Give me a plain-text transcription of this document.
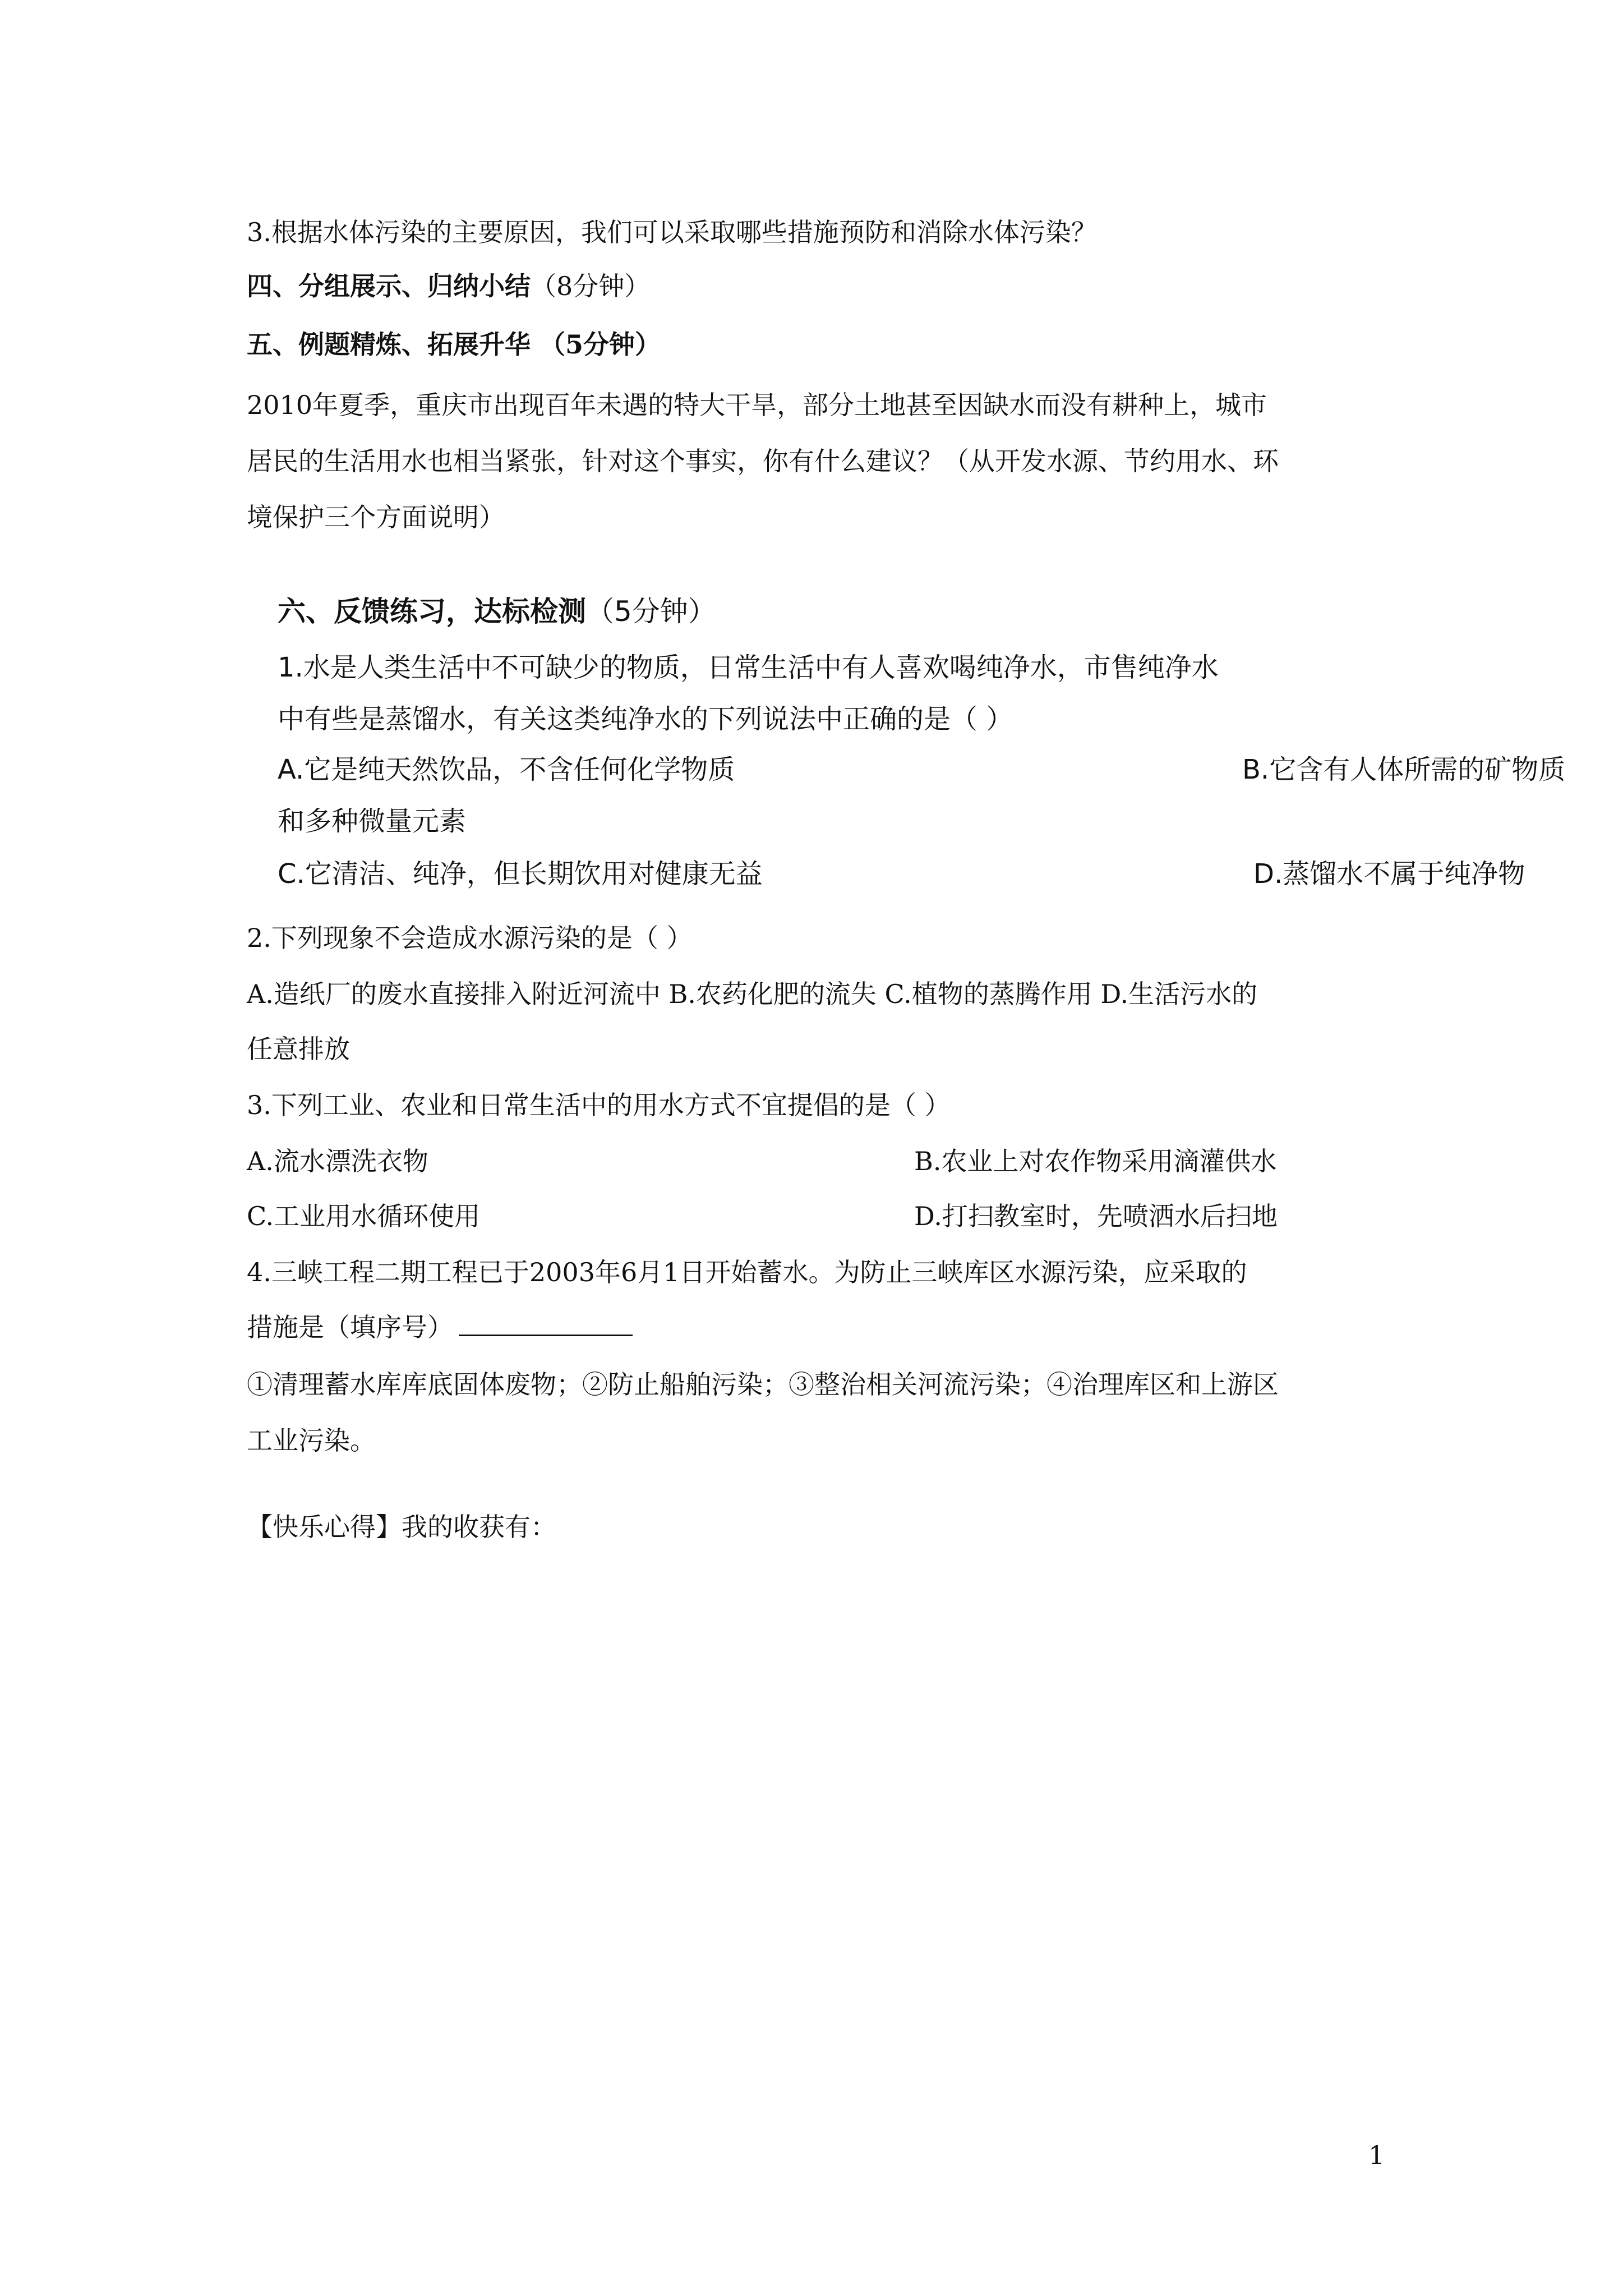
3.根据水体污染的主要原因，我们可以采取哪些措施预防和消除水体污染？
四、分组展示、归纳小结（8分钟）
五、例题精炼、拓展升华 （5分钟）
2010年夏季，重庆市出现百年未遇的特大干旱，部分土地甚至因缺水而没有耕种上，城市
居民的生活用水也相当紧张，针对这个事实，你有什么建议？（从开发水源、节约用水、环
境保护三个方面说明）
六、反馈练习，达标检测（5分钟）
1.水是人类生活中不可缺少的物质，日常生活中有人喜欢喝纯净水，市售纯净水
中有些是蒸馏水，有关这类纯净水的下列说法中正确的是（ ）
A.它是纯天然饮品，不含任何化学物质	B.它含有人体所需的矿物质
和多种微量元素
C.它清洁、纯净，但长期饮用对健康无益	D.蒸馏水不属于纯净物
2.下列现象不会造成水源污染的是（ ）
A.造纸厂的废水直接排入附近河流中 B.农药化肥的流失 C.植物的蒸腾作用 D.生活污水的
任意排放
3.下列工业、农业和日常生活中的用水方式不宜提倡的是（ ）
A.流水漂洗衣物	B.农业上对农作物采用滴灌供水
C.工业用水循环使用	D.打扫教室时，先喷洒水后扫地
4.三峡工程二期工程已于2003年6月1日开始蓄水。为防止三峡库区水源污染，应采取的
措施是（填序号）
①清理蓄水库库底固体废物；②防止船舶污染；③整治相关河流污染；④治理库区和上游区
工业污染。
【快乐心得】我的收获有：
1
